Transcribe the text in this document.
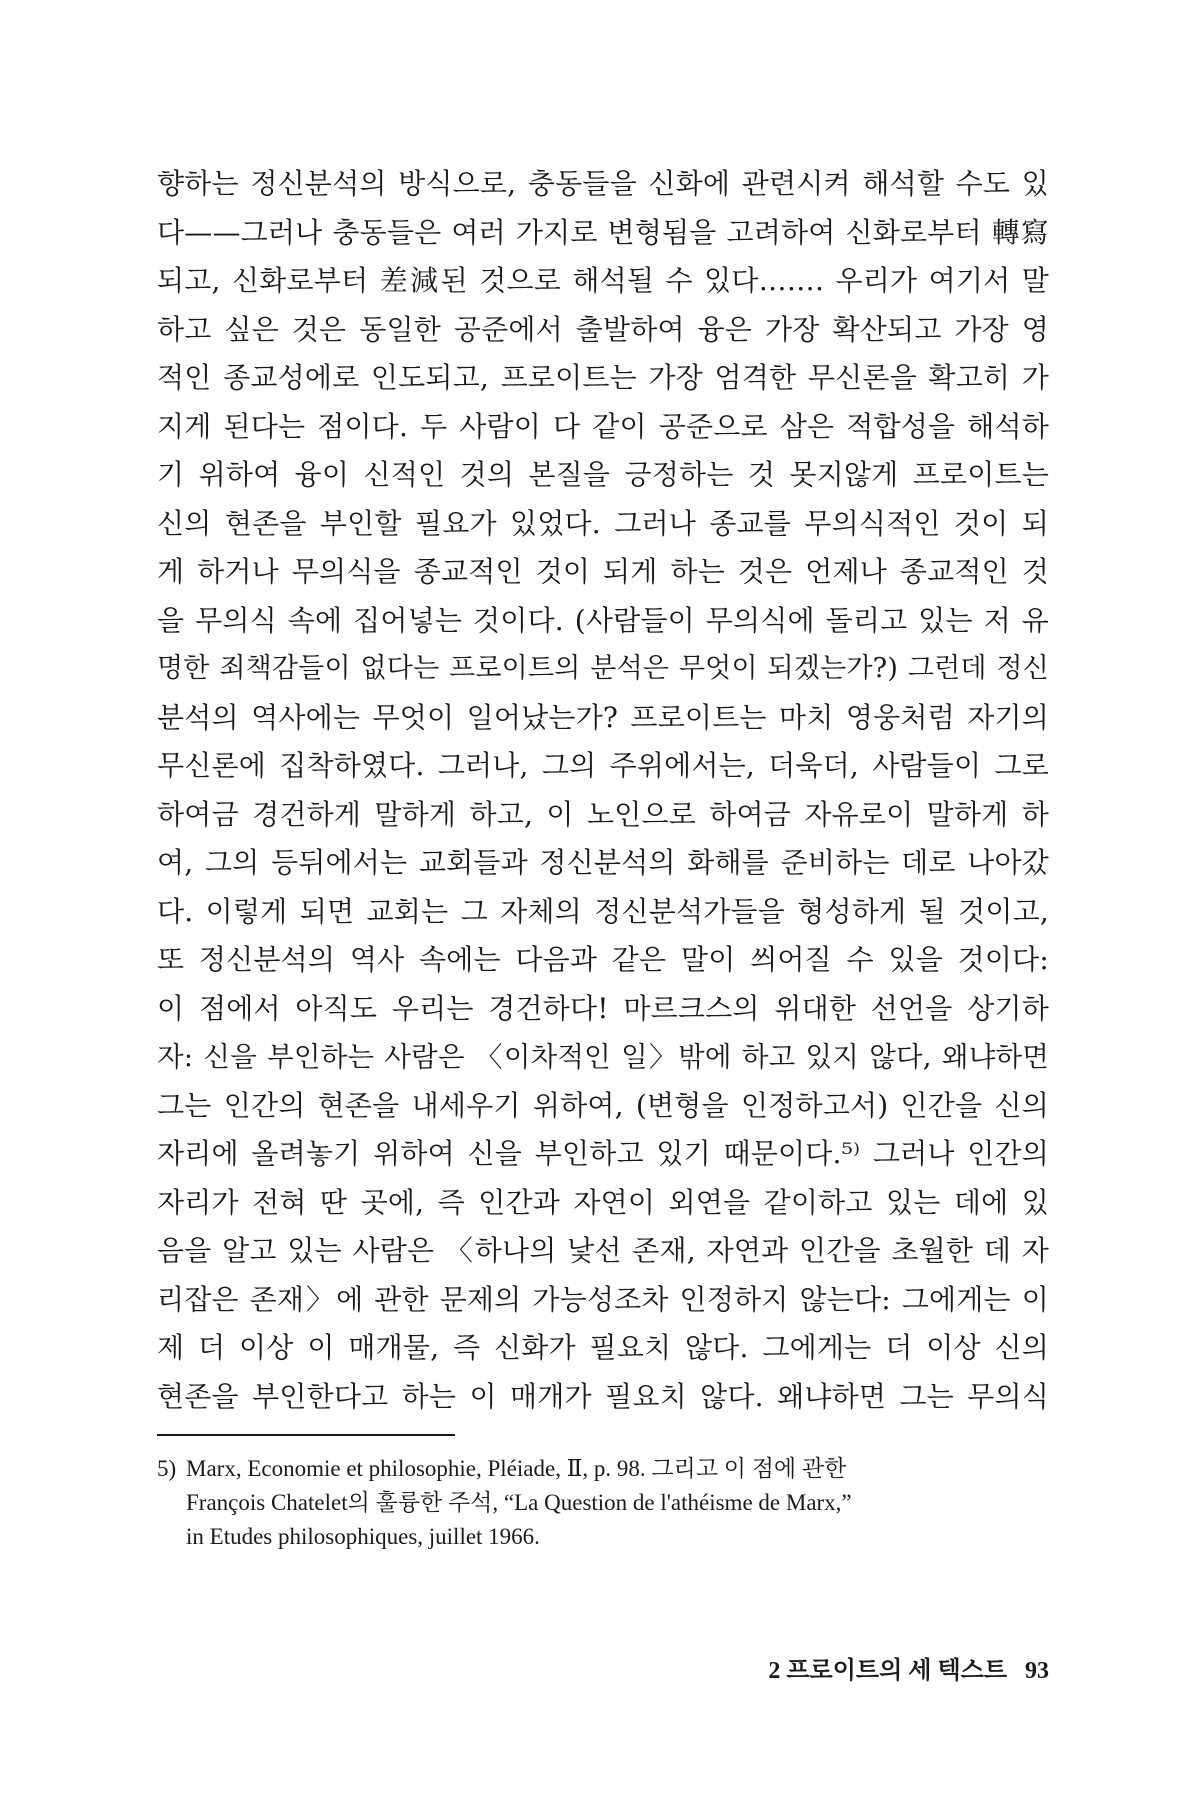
향하는 정신분석의 방식으로, 충동들을 신화에 관련시켜 해석할 수도 있
다——그러나 충동들은 여러 가지로 변형됨을 고려하여 신화로부터 轉寫
되고, 신화로부터 差減된 것으로 해석될 수 있다……. 우리가 여기서 말
하고 싶은 것은 동일한 공준에서 출발하여 융은 가장 확산되고 가장 영
적인 종교성에로 인도되고, 프로이트는 가장 엄격한 무신론을 확고히 가
지게 된다는 점이다. 두 사람이 다 같이 공준으로 삼은 적합성을 해석하
기 위하여 융이 신적인 것의 본질을 긍정하는 것 못지않게 프로이트는
신의 현존을 부인할 필요가 있었다. 그러나 종교를 무의식적인 것이 되
게 하거나 무의식을 종교적인 것이 되게 하는 것은 언제나 종교적인 것
을 무의식 속에 집어넣는 것이다. (사람들이 무의식에 돌리고 있는 저 유
명한 죄책감들이 없다는 프로이트의 분석은 무엇이 되겠는가?) 그런데 정신
분석의 역사에는 무엇이 일어났는가? 프로이트는 마치 영웅처럼 자기의
무신론에 집착하였다. 그러나, 그의 주위에서는, 더욱더, 사람들이 그로
하여금 경건하게 말하게 하고, 이 노인으로 하여금 자유로이 말하게 하
여, 그의 등뒤에서는 교회들과 정신분석의 화해를 준비하는 데로 나아갔
다. 이렇게 되면 교회는 그 자체의 정신분석가들을 형성하게 될 것이고,
또 정신분석의 역사 속에는 다음과 같은 말이 씌어질 수 있을 것이다:
이 점에서 아직도 우리는 경건하다! 마르크스의 위대한 선언을 상기하
자: 신을 부인하는 사람은 〈이차적인 일〉밖에 하고 있지 않다, 왜냐하면
그는 인간의 현존을 내세우기 위하여, (변형을 인정하고서) 인간을 신의
자리에 올려놓기 위하여 신을 부인하고 있기 때문이다.⁵⁾ 그러나 인간의
자리가 전혀 딴 곳에, 즉 인간과 자연이 외연을 같이하고 있는 데에 있
음을 알고 있는 사람은 〈하나의 낯선 존재, 자연과 인간을 초월한 데 자
리잡은 존재〉에 관한 문제의 가능성조차 인정하지 않는다: 그에게는 이
제 더 이상 이 매개물, 즉 신화가 필요치 않다. 그에게는 더 이상 신의
현존을 부인한다고 하는 이 매개가 필요치 않다. 왜냐하면 그는 무의식
5) Marx, Economie et philosophie, Pléiade, Ⅱ, p. 98. 그리고 이 점에 관한
François Chatelet의 훌륭한 주석, “La Question de l'athéisme de Marx,”
in Etudes philosophiques, juillet 1966.
2 프로이트의 세 텍스트 93
